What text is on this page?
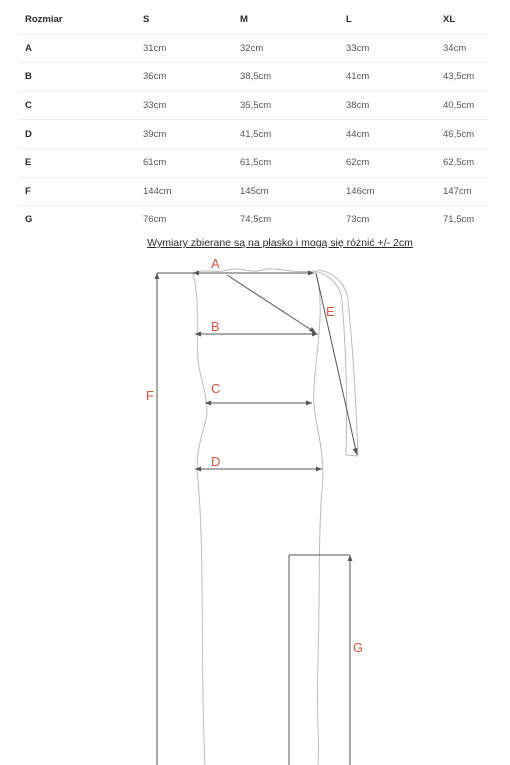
Rozmiar	S	M	L	XL
A	31cm	32cm	33cm	34cm
B	36cm	38,5cm	41cm	43,5cm
C	33cm	35,5cm	38cm	40,5cm
D	39cm	41,5cm	44cm	46,5cm
E	61cm	61,5cm	62cm	62,5cm
F	144cm	145cm	146cm	147cm
G	76cm	74,5cm	73cm	71,5cm
Wymiary zbierane są na płasko i mogą się różnić +/- 2cm
A
B
C
D
E
F
G
